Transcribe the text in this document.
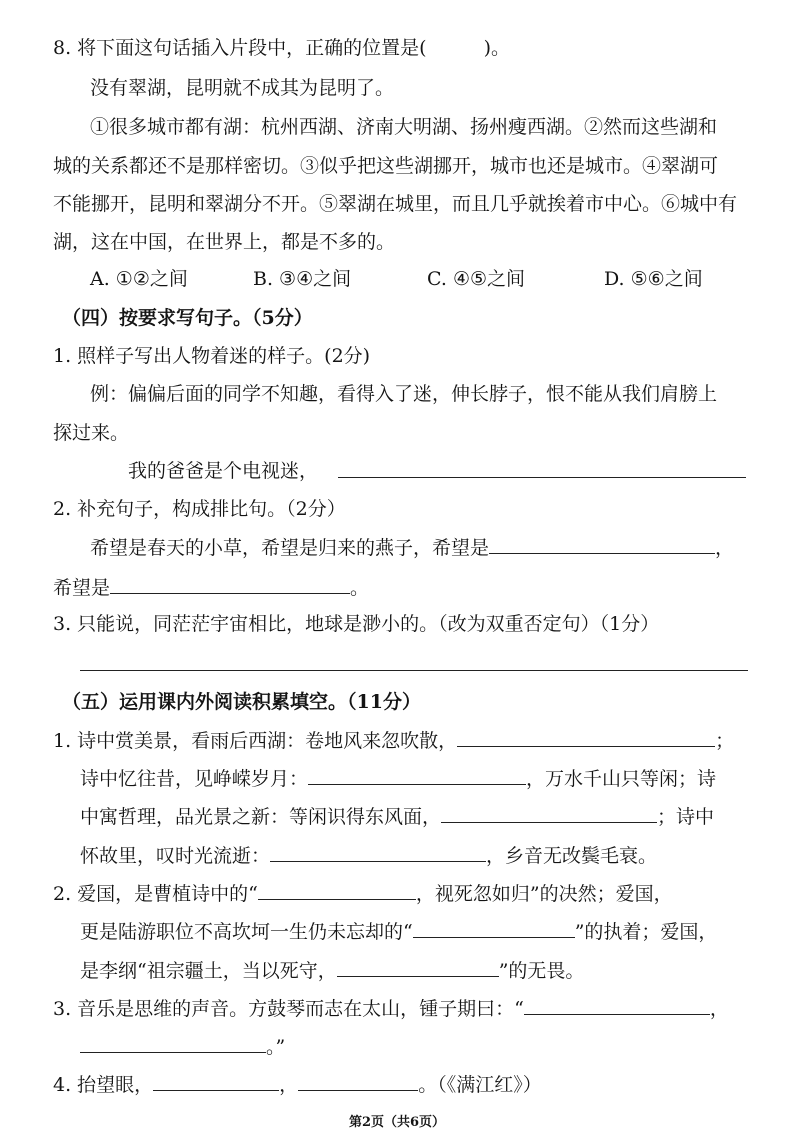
8. 将下面这句话插入片段中，正确的位置是(　　　)。
没有翠湖，昆明就不成其为昆明了。
①很多城市都有湖：杭州西湖、济南大明湖、扬州瘦西湖。②然而这些湖和
城的关系都还不是那样密切。③似乎把这些湖挪开，城市也还是城市。④翠湖可
不能挪开，昆明和翠湖分不开。⑤翠湖在城里，而且几乎就挨着市中心。⑥城中有
湖，这在中国，在世界上，都是不多的。
A. ①②之间	B. ③④之间	C. ④⑤之间	D. ⑤⑥之间
（四）按要求写句子。（5分）
1. 照样子写出人物着迷的样子。(2分)
例：偏偏后面的同学不知趣，看得入了迷，伸长脖子，恨不能从我们肩膀上
探过来。
我的爸爸是个电视迷，
2. 补充句子，构成排比句。（2分）
希望是春天的小草，希望是归来的燕子，希望是	，
希望是	。
3. 只能说，同茫茫宇宙相比，地球是渺小的。（改为双重否定句）（1分）
（五）运用课内外阅读积累填空。（11分）
1. 诗中赏美景，看雨后西湖：卷地风来忽吹散，	；
诗中忆往昔，见峥嵘岁月：	，万水千山只等闲；诗
中寓哲理，品光景之新：等闲识得东风面，	；诗中
怀故里，叹时光流逝：	，乡音无改鬓毛衰。
2. 爱国，是曹植诗中的“	，视死忽如归”的决然；爱国，
更是陆游职位不高坎坷一生仍未忘却的“	”的执着；爱国，
是李纲“祖宗疆土，当以死守，	”的无畏。
3. 音乐是思维的声音。方鼓琴而志在太山，锺子期曰：“	，
。”
4. 抬望眼，	，	。（《满江红》）
第2页（共6页）
